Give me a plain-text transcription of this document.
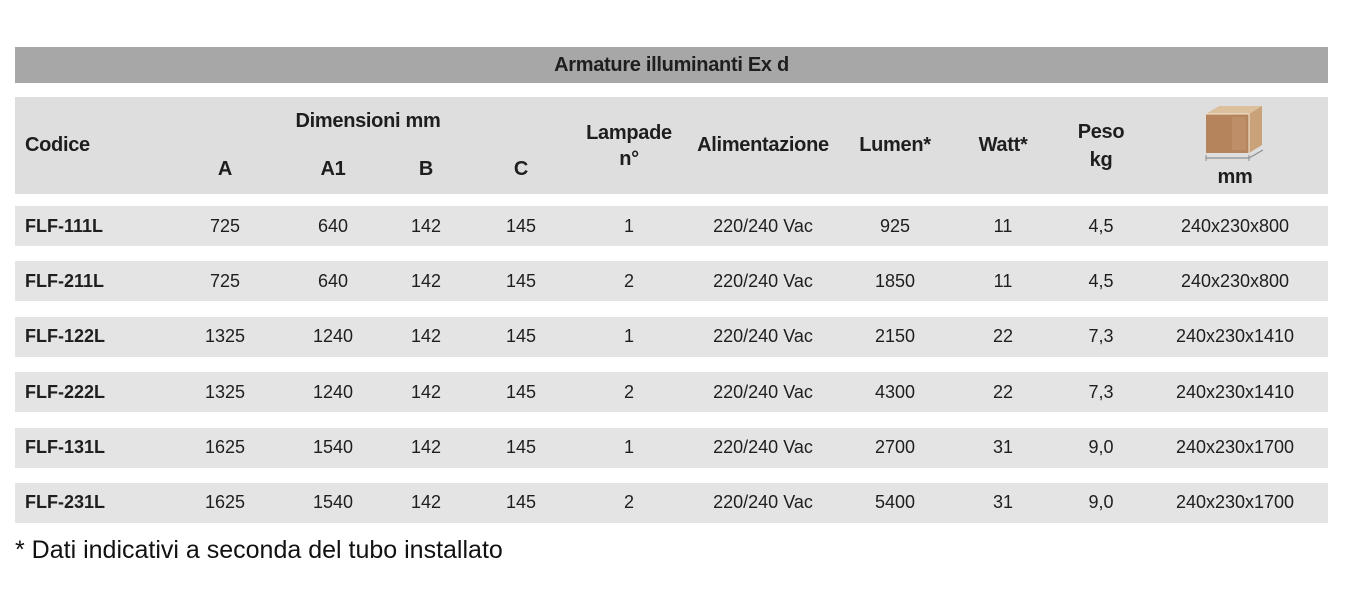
Armature illuminanti Ex d
Codice
Dimensioni mm
A	A1	B	C
Lampade
n°
Alimentazione	Lumen*	Watt*
Peso
kg
mm
FLF-111L	725	640	142	145	1	220/240 Vac	925	11	4,5	240x230x800
FLF-211L	725	640	142	145	2	220/240 Vac	1850	11	4,5	240x230x800
FLF-122L	1325	1240	142	145	1	220/240 Vac	2150	22	7,3	240x230x1410
FLF-222L	1325	1240	142	145	2	220/240 Vac	4300	22	7,3	240x230x1410
FLF-131L	1625	1540	142	145	1	220/240 Vac	2700	31	9,0	240x230x1700
FLF-231L	1625	1540	142	145	2	220/240 Vac	5400	31	9,0	240x230x1700
* Dati indicativi a seconda del tubo installato
